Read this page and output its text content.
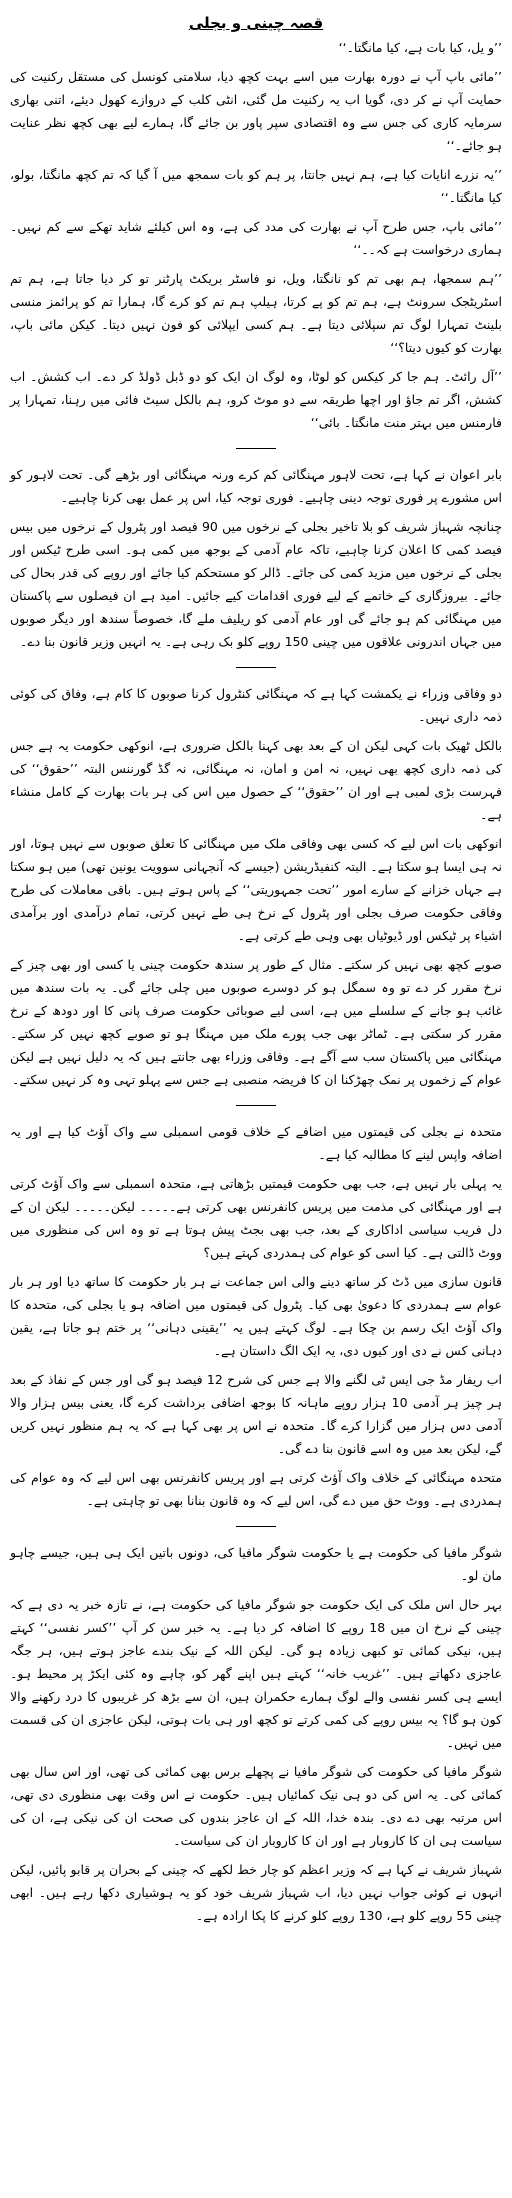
قصہ چینی و بجلی

’’و یل، کیا بات ہے، کیا مانگتا۔‘‘

’’مائی باپ آپ نے دورہ بھارت میں اسے بہت کچھ دیا، سلامتی کونسل کی مستقل رکنیت کی حمایت آپ نے کر دی، گویا اب یہ رکنیت مل گئی، انٹی کلب کے دروازے کھول دیئے، اتنی بھاری سرمایہ کاری کی جس سے وہ اقتصادی سپر پاور بن جائے گا، ہمارے لیے بھی کچھ نظر عنایت ہو جائے۔‘‘

’’یہ نزرے انایات کیا ہے، ہم نہیں جانتا، پر ہم کو بات سمجھ میں آ گیا کہ تم کچھ مانگتا، بولو، کیا مانگتا۔‘‘

’’مائی باپ، جس طرح آپ نے بھارت کی مدد کی ہے، وہ اس کیلئے شاید تھکے سے کم نہیں۔ ہماری درخواست ہے کہ۔۔‘‘

’’ہم سمجھا، ہم بھی تم کو نانگتا، ویل، نو فاسٹر بریکٹ پارٹنر تو کر دیا جاتا ہے، ہم تم اسٹریٹجک سرونٹ ہے، ہم تم کو پے کرتا، ہیلپ ہم تم کو کرے گا، ہمارا تم کو پرائمز منسی بلینٹ تمہارا لوگ تم سپلائی دیتا ہے۔ ہم کسی ایپلائی کو فون نہیں دیتا۔ کیکن مائی باپ، بھارت کو کیوں دیتا؟‘‘

’’آل رائٹ۔ ہم جا کر کیکس کو لوٹا، وہ لوگ ان ایک کو دو ڈبل ڈولڈ کر دے۔ اب کشش۔ اب کشش، اگر تم جاؤ اور اچھا طریقہ سے دو موٹ کرو، ہم بالکل سیٹ فائی میں رہنا، تمہارا پر فارمنس میں بہتر منت مانگتا۔ بائی‘‘

بابر اعوان نے کہا ہے، تحت لاہور مہنگائی کم کرے ورنہ مہنگائی اور بڑھے گی۔ تحت لاہور کو اس مشورے پر فوری توجہ دینی چاہیے۔ فوری توجہ کیا، اس پر عمل بھی کرنا چاہیے۔

چنانچہ شہباز شریف کو بلا تاخیر بجلی کے نرخوں میں 90 فیصد اور پٹرول کے نرخوں میں بیس فیصد کمی کا اعلان کرنا چاہیے، تاکہ عام آدمی کے بوجھ میں کمی ہو۔ اسی طرح ٹیکس اور بجلی کے نرخوں میں مزید کمی کی جائے۔ ڈالر کو مستحکم کیا جائے اور روپے کی قدر بحال کی جائے۔ بیروزگاری کے خاتمے کے لیے فوری اقدامات کیے جائیں۔ امید ہے ان فیصلوں سے پاکستان میں مہنگائی کم ہو جائے گی اور عام آدمی کو ریلیف ملے گا، خصوصاً سندھ اور دیگر صوبوں میں جہاں اندرونی علاقوں میں چینی 150 روپے کلو بک رہی ہے۔ یہ انہیں وزیر قانون بنا دے۔

دو وفاقی وزراء نے یکمشت کہا ہے کہ مہنگائی کنٹرول کرنا صوبوں کا کام ہے، وفاق کی کوئی ذمہ داری نہیں۔

بالکل ٹھیک بات کہی لیکن ان کے بعد بھی کہنا بالکل ضروری ہے، انوکھی حکومت یہ ہے جس کی ذمہ داری کچھ بھی نہیں، نہ امن و امان، نہ مہنگائی، نہ گڈ گورننس البتہ ’’حقوق‘‘ کی فہرست بڑی لمبی ہے اور ان ’’حقوق‘‘ کے حصول میں اس کی ہر بات بھارت کے کامل منشاء ہے۔

انوکھی بات اس لیے کہ کسی بھی وفاقی ملک میں مہنگائی کا تعلق صوبوں سے نہیں ہوتا، اور نہ ہی ایسا ہو سکتا ہے۔ البتہ کنفیڈریشن (جیسے کہ آنجہانی سوویت یونین تھی) میں ہو سکتا ہے جہاں خزانے کے سارے امور ’’تحت جمہوریتی‘‘ کے پاس ہوتے ہیں۔ باقی معاملات کی طرح وفاقی حکومت صرف بجلی اور پٹرول کے نرخ ہی طے نہیں کرتی، تمام درآمدی اور برآمدی اشیاء پر ٹیکس اور ڈیوٹیاں بھی وہی طے کرتی ہے۔

صوبے کچھ بھی نہیں کر سکتے۔ مثال کے طور پر سندھ حکومت چینی یا کسی اور بھی چیز کے نرخ مقرر کر دے تو وہ سمگل ہو کر دوسرے صوبوں میں چلی جائے گی۔ یہ بات سندھ میں غائب ہو جانے کے سلسلے میں ہے، اسی لیے صوبائی حکومت صرف پانی کا اور دودھ کے نرخ مقرر کر سکتی ہے۔ ٹماٹر بھی جب پورے ملک میں مہنگا ہو تو صوبے کچھ نہیں کر سکتے۔ مہنگائی میں پاکستان سب سے آگے ہے۔ وفاقی وزراء بھی جانتے ہیں کہ یہ دلیل نہیں ہے لیکن عوام کے زخموں پر نمک چھڑکنا ان کا فریضہ منصبی ہے جس سے پہلو تہی وہ کر نہیں سکتے۔

متحدہ نے بجلی کی قیمتوں میں اضافے کے خلاف قومی اسمبلی سے واک آؤٹ کیا ہے اور یہ اضافہ واپس لینے کا مطالبہ کیا ہے۔

یہ پہلی بار نہیں ہے، جب بھی حکومت قیمتیں بڑھاتی ہے، متحدہ اسمبلی سے واک آؤٹ کرتی ہے اور مہنگائی کی مذمت میں پریس کانفرنس بھی کرتی ہے۔۔۔۔۔ لیکن۔۔۔۔۔ لیکن ان کے دل فریب سیاسی اداکاری کے بعد، جب بھی بجٹ پیش ہوتا ہے تو وہ اس کی منظوری میں ووٹ ڈالتی ہے۔ کیا اسی کو عوام کی ہمدردی کہتے ہیں؟

قانون سازی میں ڈٹ کر ساتھ دینے والی اس جماعت نے ہر بار حکومت کا ساتھ دیا اور ہر بار عوام سے ہمدردی کا دعویٰ بھی کیا۔ پٹرول کی قیمتوں میں اضافہ ہو یا بجلی کی، متحدہ کا واک آؤٹ ایک رسم بن چکا ہے۔ لوگ کہتے ہیں یہ ’’یقینی دہانی‘‘ پر ختم ہو جاتا ہے، یقین دہانی کس نے دی اور کیوں دی، یہ ایک الگ داستان ہے۔

اب ریفار مڈ جی ایس ٹی لگنے والا ہے جس کی شرح 12 فیصد ہو گی اور جس کے نفاذ کے بعد ہر چیز ہر آدمی 10 ہزار روپے ماہانہ کا بوجھ اضافی برداشت کرے گا، یعنی بیس ہزار والا آدمی دس ہزار میں گزارا کرے گا۔ متحدہ نے اس پر بھی کہا ہے کہ یہ ہم منظور نہیں کریں گے، لیکن بعد میں وہ اسے قانون بنا دے گی۔

متحدہ مہنگائی کے خلاف واک آؤٹ کرتی ہے اور پریس کانفرنس بھی اس لیے کہ وہ عوام کی ہمدردی ہے۔ ووٹ حق میں دے گی، اس لیے کہ وہ قانون بنانا بھی تو چاہتی ہے۔

شوگر مافیا کی حکومت ہے یا حکومت شوگر مافیا کی، دونوں باتیں ایک ہی ہیں، جیسے چاہو مان لو۔

بہر حال اس ملک کی ایک حکومت جو شوگر مافیا کی حکومت ہے، نے تازہ خبر یہ دی ہے کہ چینی کے نرخ ان میں 18 روپے کا اضافہ کر دیا ہے۔ یہ خبر سن کر آپ ’’کسر نفسی‘‘ کہتے ہیں، نیکی کمائی تو کبھی زیادہ ہو گی۔ لیکن اللہ کے نیک بندے عاجز ہوتے ہیں، ہر جگہ عاجزی دکھاتے ہیں۔ ’’غریب خانہ‘‘ کہتے ہیں اپنے گھر کو، چاہے وہ کئی ایکڑ پر محیط ہو۔ ایسے ہی کسر نفسی والے لوگ ہمارے حکمران ہیں، ان سے بڑھ کر غریبوں کا درد رکھنے والا کون ہو گا؟ یہ بیس روپے کی کمی کرتے تو کچھ اور ہی بات ہوتی، لیکن عاجزی ان کی قسمت میں نہیں۔

شوگر مافیا کی حکومت کی شوگر مافیا نے پچھلے برس بھی کمائی کی تھی، اور اس سال بھی کمائی کی۔ یہ اس کی دو ہی نیک کمائیاں ہیں۔ حکومت نے اس وقت بھی منظوری دی تھی، اس مرتبہ بھی دے دی۔ بندہ خدا، اللہ کے ان عاجز بندوں کی صحت ان کی نیکی ہے، ان کی سیاست ہی ان کا کاروبار ہے اور ان کا کاروبار ان کی سیاست۔

شہباز شریف نے کہا ہے کہ وزیر اعظم کو چار خط لکھے کہ چینی کے بحران پر قابو پائیں، لیکن انہوں نے کوئی جواب نہیں دیا، اب شہباز شریف خود کو یہ ہوشیاری دکھا رہے ہیں۔ ابھی چینی 55 روپے کلو ہے، 130 روپے کلو کرنے کا پکا ارادہ ہے۔
